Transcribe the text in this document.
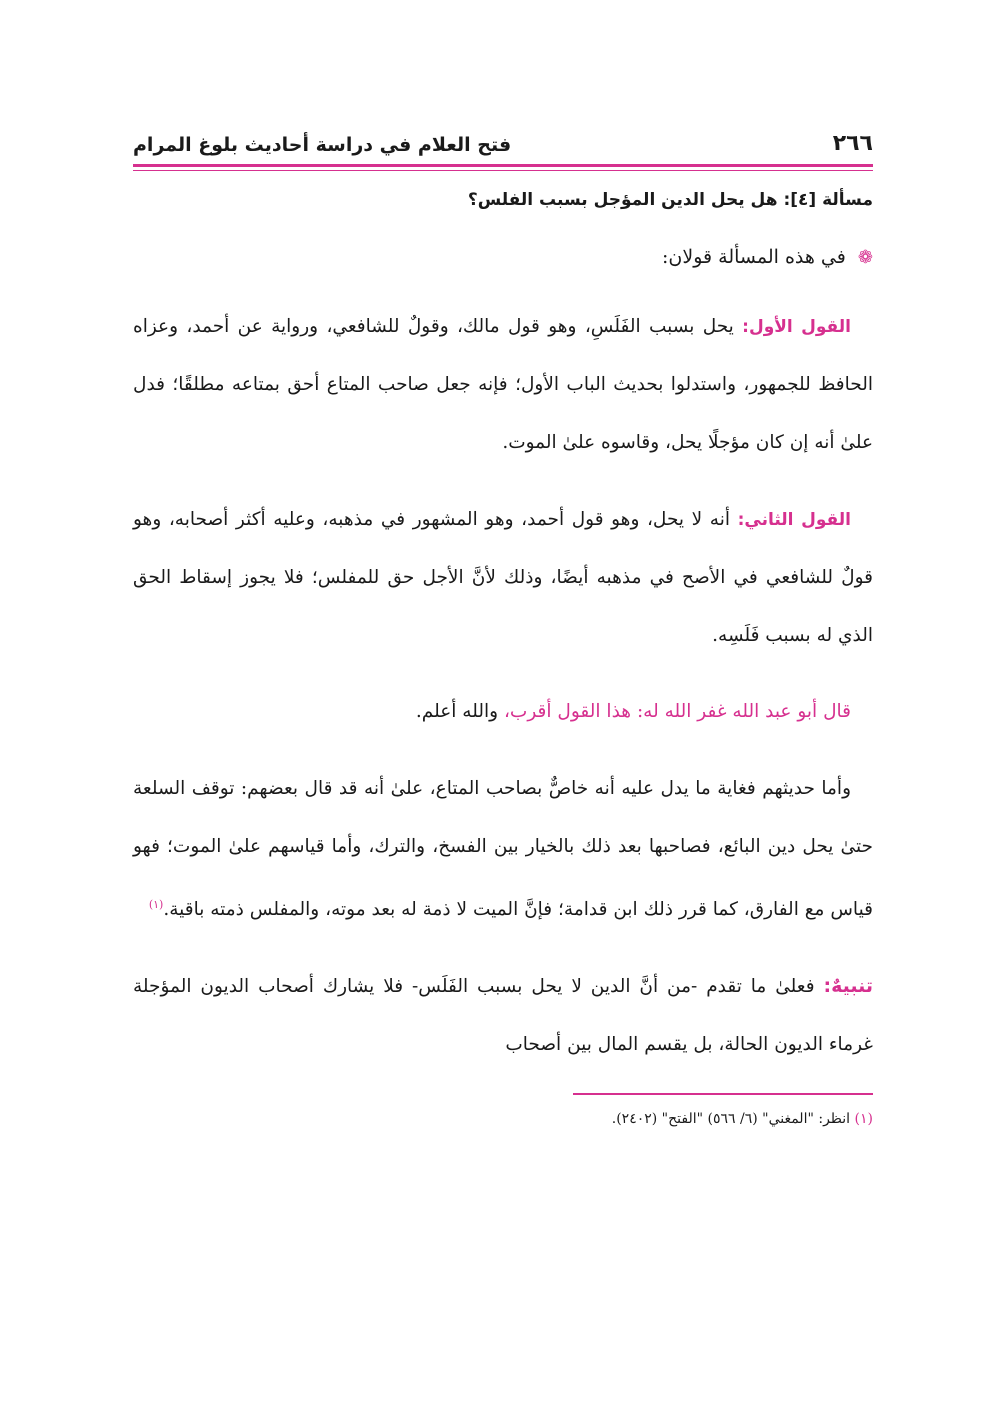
٢٦٦
فتح العلام في دراسة أحاديث بلوغ المرام
مسألة [٤]: هل يحل الدين المؤجل بسبب الفلس؟
❁ في هذه المسألة قولان:

القول الأول: يحل بسبب الفَلَسِ، وهو قول مالك، وقولٌ للشافعي، ورواية عن أحمد، وعزاه الحافظ للجمهور، واستدلوا بحديث الباب الأول؛ فإنه جعل صاحب المتاع أحق بمتاعه مطلقًا؛ فدل علىٰ أنه إن كان مؤجلًا يحل، وقاسوه علىٰ الموت.

القول الثاني: أنه لا يحل، وهو قول أحمد، وهو المشهور في مذهبه، وعليه أكثر أصحابه، وهو قولٌ للشافعي في الأصح في مذهبه أيضًا، وذلك لأنَّ الأجل حق للمفلس؛ فلا يجوز إسقاط الحق الذي له بسبب فَلَسِه.

قال أبو عبد الله غفر الله له: هذا القول أقرب، والله أعلم.

وأما حديثهم فغاية ما يدل عليه أنه خاصٌّ بصاحب المتاع، علىٰ أنه قد قال بعضهم: توقف السلعة حتىٰ يحل دين البائع، فصاحبها بعد ذلك بالخيار بين الفسخ، والترك، وأما قياسهم علىٰ الموت؛ فهو قياس مع الفارق، كما قرر ذلك ابن قدامة؛ فإنَّ الميت لا ذمة له بعد موته، والمفلس ذمته باقية.$^{(١)}$

تنبيهٌ: فعلىٰ ما تقدم -من أنَّ الدين لا يحل بسبب الفَلَس- فلا يشارك أصحاب الديون المؤجلة غرماء الديون الحالة، بل يقسم المال بين أصحاب

(١) انظر: "المغني" (٦/ ٥٦٦) "الفتح" (٢٤٠٢).
